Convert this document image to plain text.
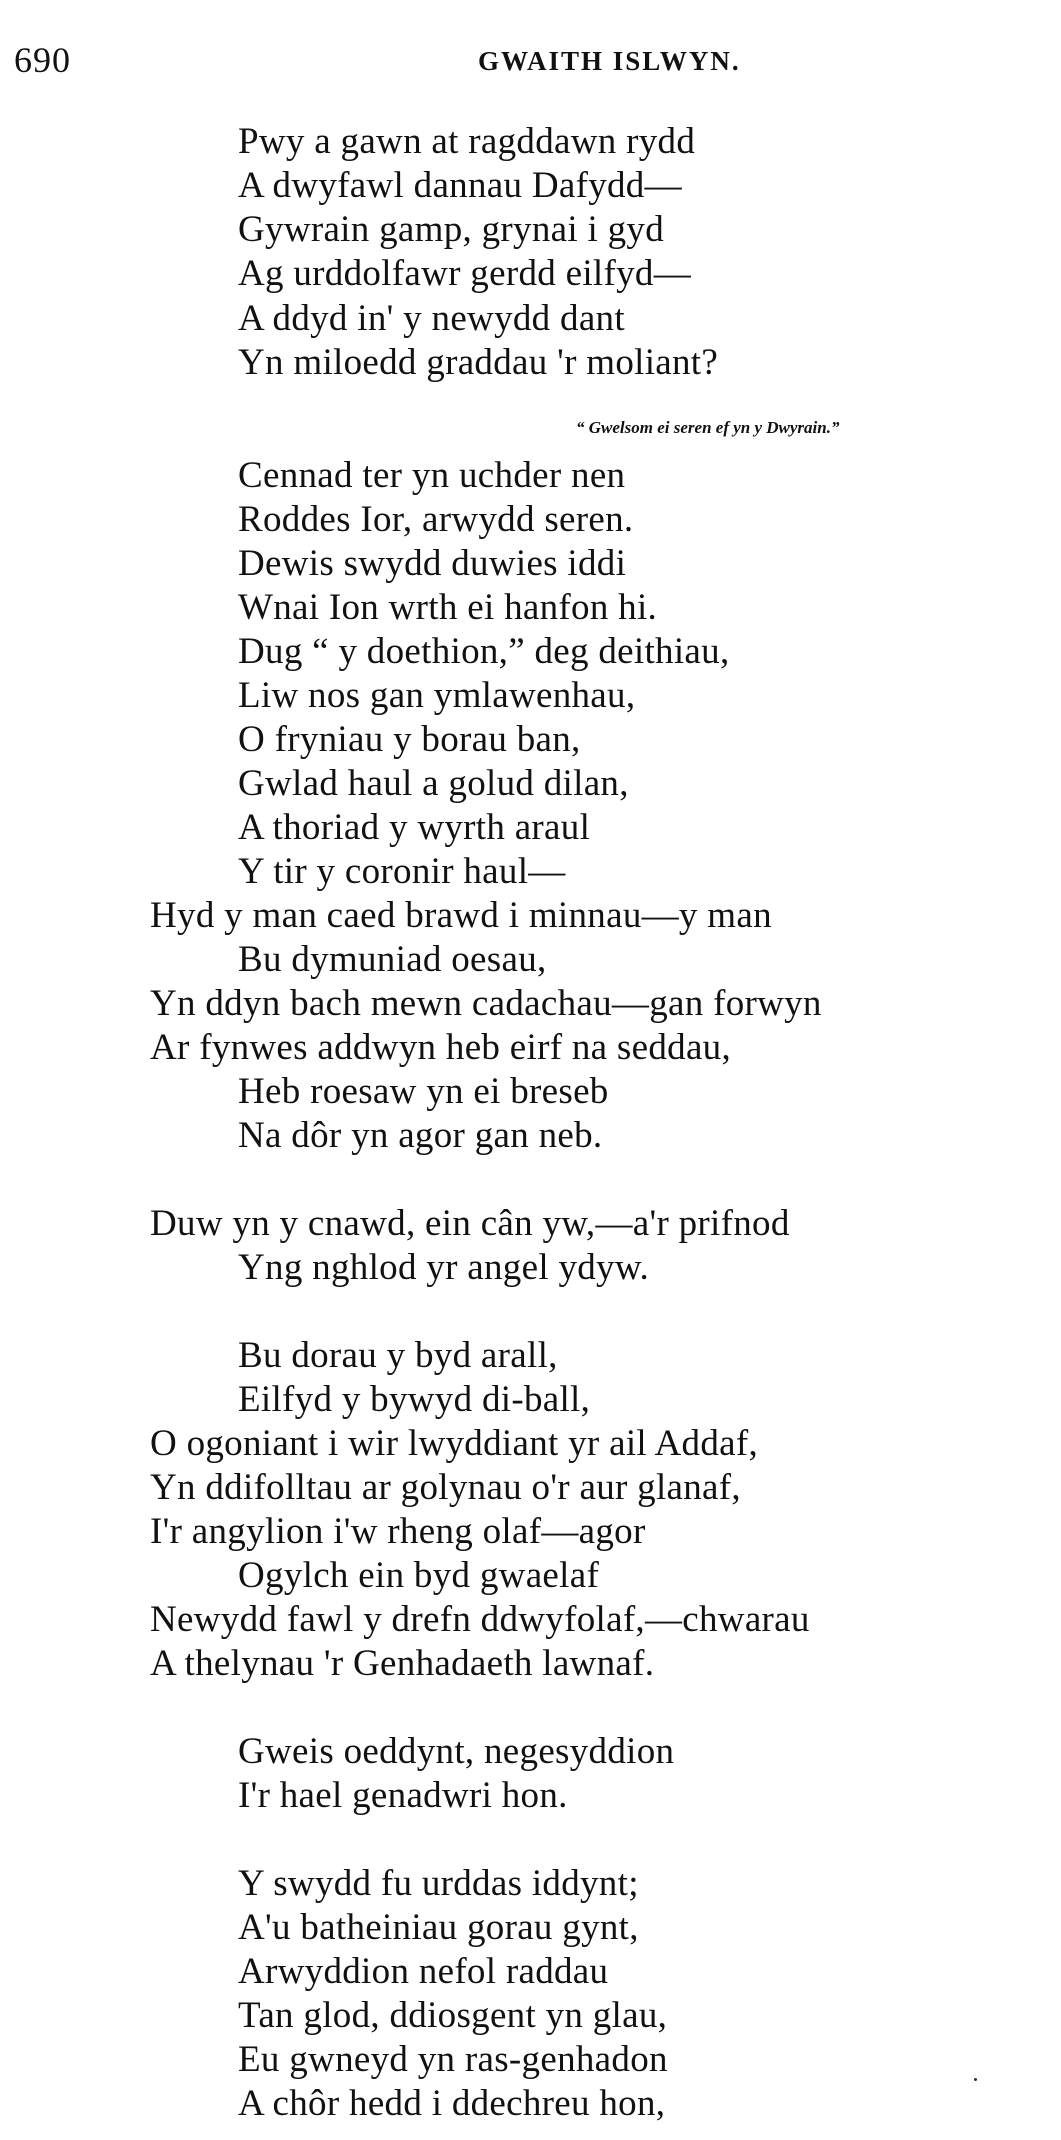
690	GWAITH ISLWYN.
Pwy a gawn at ragddawn rydd
A dwyfawl dannau Dafydd—
Gywrain gamp, grynai i gyd
Ag urddolfawr gerdd eilfyd—
A ddyd in' y newydd dant
Yn miloedd graddau 'r moliant?
“ Gwelsom ei seren ef yn y Dwyrain.”
Cennad ter yn uchder nen
Roddes Ior, arwydd seren.
Dewis swydd duwies iddi
Wnai Ion wrth ei hanfon hi.
Dug “ y doethion,” deg deithiau,
Liw nos gan ymlawenhau,
O fryniau y borau ban,
Gwlad haul a golud dilan,
A thoriad y wyrth araul
Y tir y coronir haul—
Hyd y man caed brawd i minnau—y man
Bu dymuniad oesau,
Yn ddyn bach mewn cadachau—gan forwyn
Ar fynwes addwyn heb eirf na seddau,
Heb roesaw yn ei breseb
Na dôr yn agor gan neb.
Duw yn y cnawd, ein cân yw,—a'r prifnod
Yng nghlod yr angel ydyw.
Bu dorau y byd arall,
Eilfyd y bywyd di-ball,
O ogoniant i wir lwyddiant yr ail Addaf,
Yn ddifolltau ar golynau o'r aur glanaf,
I'r angylion i'w rheng olaf—agor
Ogylch ein byd gwaelaf
Newydd fawl y drefn ddwyfolaf,—chwarau
A thelynau 'r Genhadaeth lawnaf.
Gweis oeddynt, negesyddion
I'r hael genadwri hon.
Y swydd fu urddas iddynt;
A'u batheiniau gorau gynt,
Arwyddion nefol raddau
Tan glod, ddiosgent yn glau,
Eu gwneyd yn ras-genhadon
A chôr hedd i ddechreu hon,
